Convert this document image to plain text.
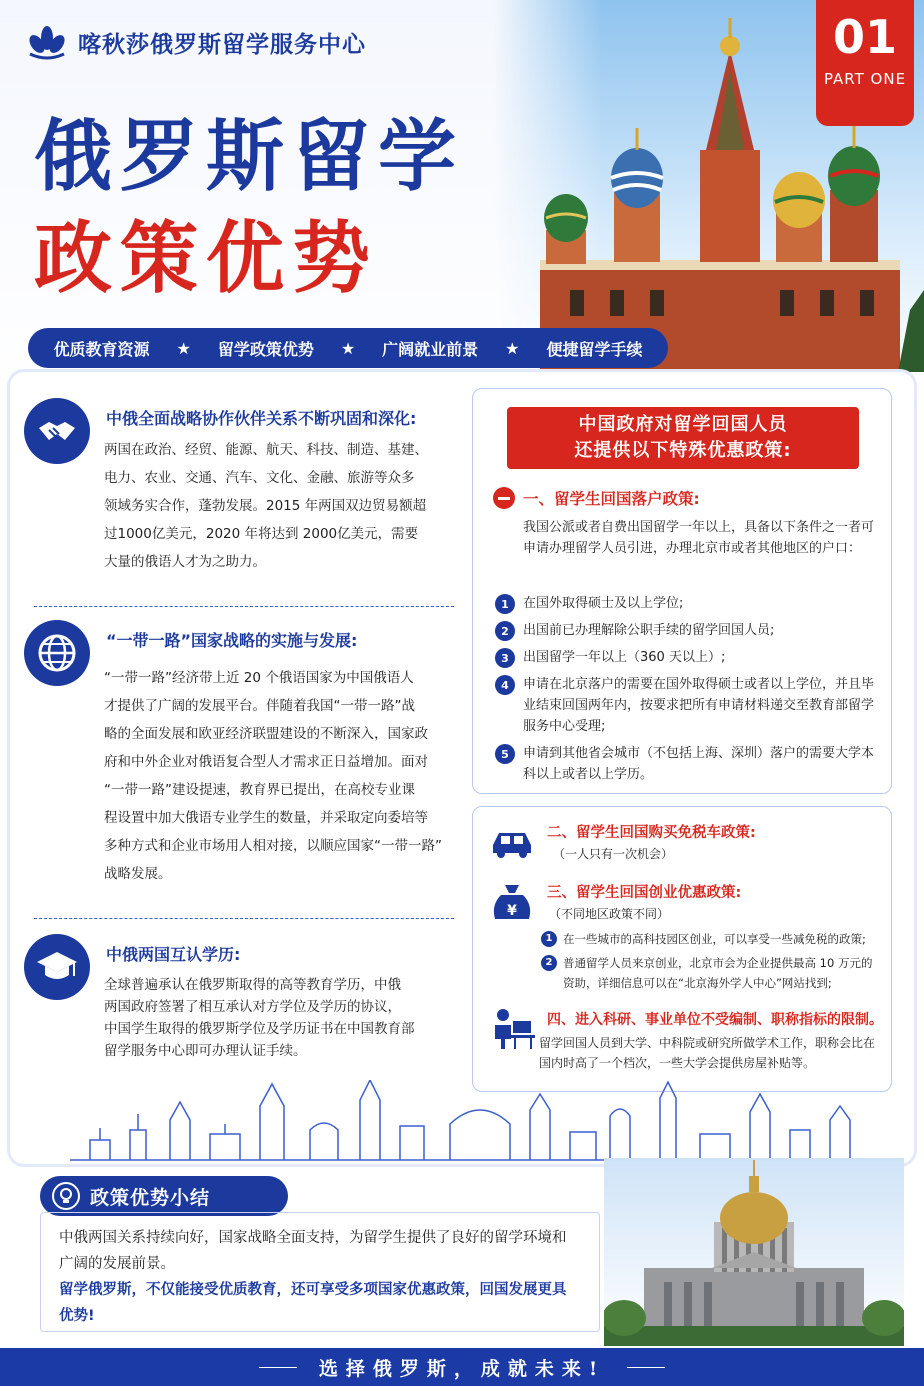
喀秋莎俄罗斯留学服务中心
俄罗斯留学
政策优势
01
PART ONE
优质教育资源 ★ 留学政策优势 ★ 广阔就业前景 ★ 便捷留学手续
中俄全面战略协作伙伴关系不断巩固和深化:
两国在政治、经贸、能源、航天、科技、制造、基建、
电力、农业、交通、汽车、文化、金融、旅游等众多
领域务实合作，蓬勃发展。2015 年两国双边贸易额超
过1000亿美元，2020 年将达到 2000亿美元，需要
大量的俄语人才为之助力。
“一带一路”国家战略的实施与发展:
“一带一路”经济带上近 20 个俄语国家为中国俄语人
才提供了广阔的发展平台。伴随着我国“一带一路”战
略的全面发展和欧亚经济联盟建设的不断深入，国家政
府和中外企业对俄语复合型人才需求正日益增加。面对
“一带一路”建设提速，教育界已提出，在高校专业课
程设置中加大俄语专业学生的数量，并采取定向委培等
多种方式和企业市场用人相对接，以顺应国家“一带一路”
战略发展。
中俄两国互认学历:
全球普遍承认在俄罗斯取得的高等教育学历，中俄
两国政府签署了相互承认对方学位及学历的协议，
中国学生取得的俄罗斯学位及学历证书在中国教育部
留学服务中心即可办理认证手续。
中国政府对留学回国人员
还提供以下特殊优惠政策:
一、留学生回国落户政策:
我国公派或者自费出国留学一年以上，具备以下条件之一者可申请办理留学人员引进，办理北京市或者其他地区的户口：
1	在国外取得硕士及以上学位;
2	出国前已办理解除公职手续的留学回国人员;
3	出国留学一年以上（360 天以上）;
4	申请在北京落户的需要在国外取得硕士或者以上学位，并且毕业结束回国两年内，按要求把所有申请材料递交至教育部留学服务中心受理;
5	申请到其他省会城市（不包括上海、深圳）落户的需要大学本科以上或者以上学历。
二、留学生回国购买免税车政策:
（一人只有一次机会）
¥
三、留学生回国创业优惠政策:
（不同地区政策不同）
1 在一些城市的高科技园区创业，可以享受一些减免税的政策;
2 普通留学人员来京创业，北京市会为企业提供最高 10 万元的资助，详细信息可以在“北京海外学人中心”网站找到;
四、进入科研、事业单位不受编制、职称指标的限制。
留学回国人员到大学、中科院或研究所做学术工作，职称会比在国内时高了一个档次，一些大学会提供房屋补贴等。
政策优势小结
中俄两国关系持续向好，国家战略全面支持，为留学生提供了良好的留学环境和广阔的发展前景。
留学俄罗斯，不仅能接受优质教育，还可享受多项国家优惠政策，回国发展更具优势!
选择俄罗斯，成就未来!
